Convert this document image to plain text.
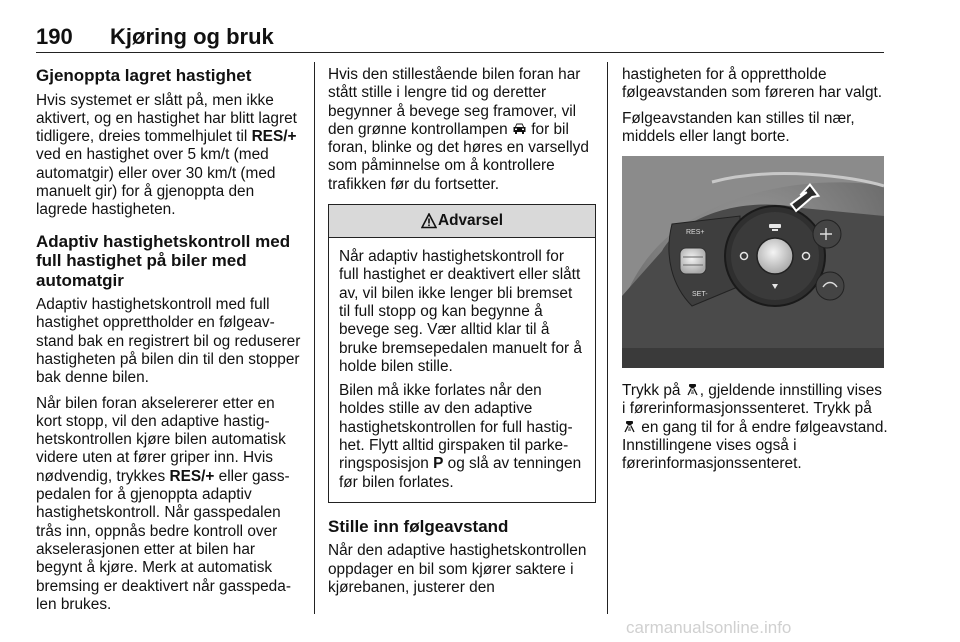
190 Kjøring og bruk
Gjenoppta lagret hastighet

Hvis systemet er slått på, men ikke aktivert, og en hastighet har blitt lagret tidligere, dreies tommelhjulet til RES/+ ved en hastighet over 5 km/t (med automatgir) eller over 30 km/t (med manuelt gir) for å gjenoppta den lagrede hastigheten.

Adaptiv hastighetskontroll med full hastighet på biler med automatgir

Adaptiv hastighetskontroll med full hastighet opprettholder en følgeavstand bak en registrert bil og reduserer hastigheten på bilen din til den stopper bak denne bilen.

Når bilen foran akselererer etter en kort stopp, vil den adaptive hastighetskontrollen kjøre bilen automatisk videre uten at fører griper inn. Hvis nødvendig, trykkes RES/+ eller gasspedalen for å gjenoppta adaptiv hastighetskontroll. Når gasspedalen trås inn, oppnås bedre kontroll over akselerasjonen etter at bilen har begynt å kjøre. Merk at automatisk bremsing er deaktivert når gasspedalen brukes.

Hvis den stillestående bilen foran har stått stille i lengre tid og deretter begynner å bevege seg framover, vil den grønne kontrollampen  for bil foran, blinke og det høres en varsellyd som påminnelse om å kontrollere trafikken før du fortsetter.

Advarsel

Når adaptiv hastighetskontroll for full hastighet er deaktivert eller slått av, vil bilen ikke lenger bli bremset til full stopp og kan begynne å bevege seg. Vær alltid klar til å bruke bremsepedalen manuelt for å holde bilen stille.

Bilen må ikke forlates når den holdes stille av den adaptive hastighetskontrollen for full hastighet. Flytt alltid girspaken til parkeringsposisjon P og slå av tenningen før bilen forlates.

Stille inn følgeavstand

Når den adaptive hastighetskontrollen oppdager en bil som kjører saktere i kjørebanen, justerer den

hastigheten for å opprettholde følgeavstanden som føreren har valgt.

Følgeavstanden kan stilles til nær, middels eller langt borte.

RES+
SET-

Trykk på , gjeldende innstilling vises i førerinformasjonssenteret. Trykk på  en gang til for å endre følgeavstand. Innstillingene vises også i førerinformasjonssenteret.

carmanualsonline.info
